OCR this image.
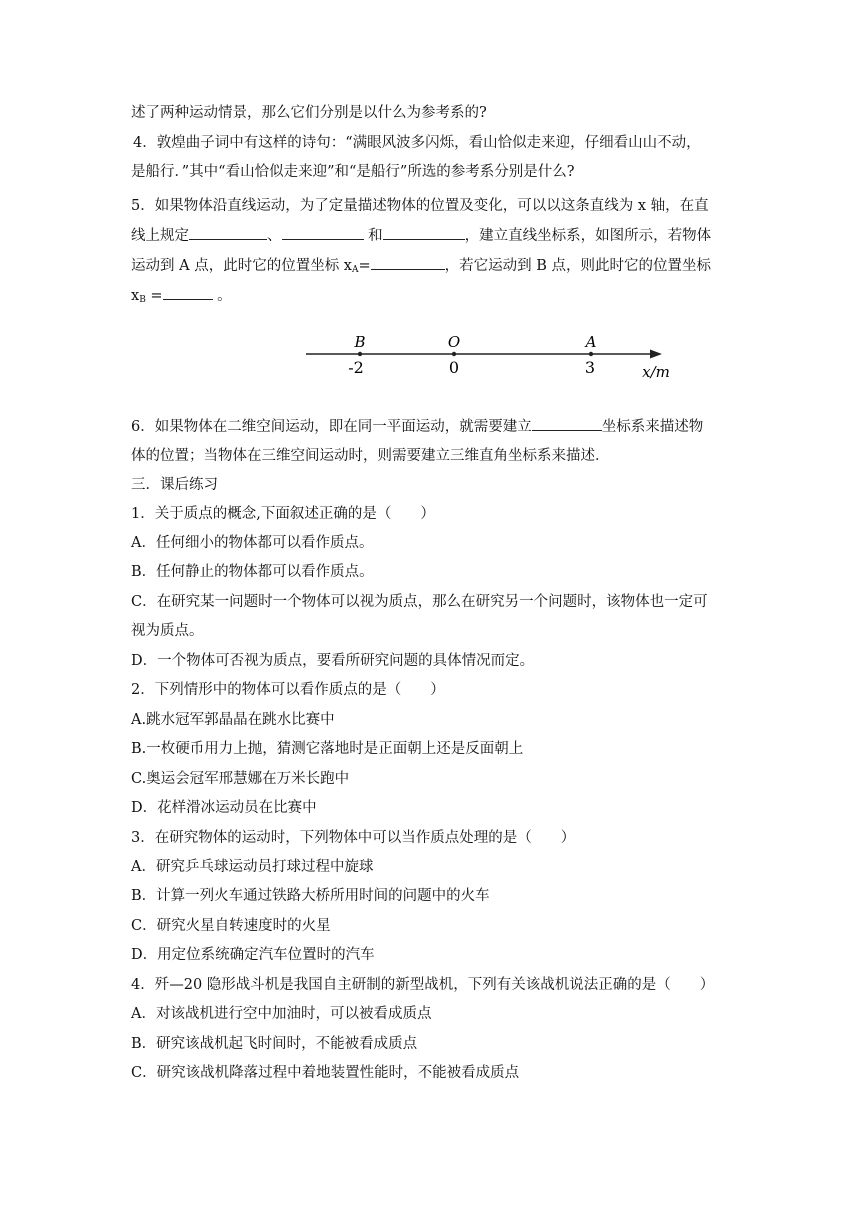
述了两种运动情景，那么它们分别是以什么为参考系的?
4．敦煌曲子词中有这样的诗句：“满眼风波多闪烁，看山恰似走来迎，仔细看山山不动，
是船行．”其中“看山恰似走来迎”和“是船行”所选的参考系分别是什么?
5．如果物体沿直线运动，为了定量描述物体的位置及变化，可以以这条直线为 x 轴，在直
线上规定	、	和	，建立直线坐标系，如图所示，若物体
运动到 A 点，此时它的位置坐标 $x_A=$	，若它运动到 B 点，则此时它的位置坐标
$x_B$ =	。
B	O	A
-2	0	3	x/m
6．如果物体在二维空间运动，即在同一平面运动，就需要建立	坐标系来描述物
体的位置；当物体在三维空间运动时，则需要建立三维直角坐标系来描述．
三．课后练习
1．关于质点的概念,下面叙述正确的是（　　）
A．任何细小的物体都可以看作质点。
B．任何静止的物体都可以看作质点。
C．在研究某一问题时一个物体可以视为质点，那么在研究另一个问题时，该物体也一定可
视为质点。
D．一个物体可否视为质点，要看所研究问题的具体情况而定。
2．下列情形中的物体可以看作质点的是（　　）
A.跳水冠军郭晶晶在跳水比赛中
B.一枚硬币用力上抛，猜测它落地时是正面朝上还是反面朝上
C.奥运会冠军邢慧娜在万米长跑中
D．花样滑冰运动员在比赛中
3．在研究物体的运动时，下列物体中可以当作质点处理的是（　　）
A．研究乒乓球运动员打球过程中旋球
B．计算一列火车通过铁路大桥所用时间的问题中的火车
C．研究火星自转速度时的火星
D．用定位系统确定汽车位置时的汽车
4．歼—20 隐形战斗机是我国自主研制的新型战机，下列有关该战机说法正确的是（　　）
A．对该战机进行空中加油时，可以被看成质点
B．研究该战机起飞时间时，不能被看成质点
C．研究该战机降落过程中着地装置性能时，不能被看成质点
